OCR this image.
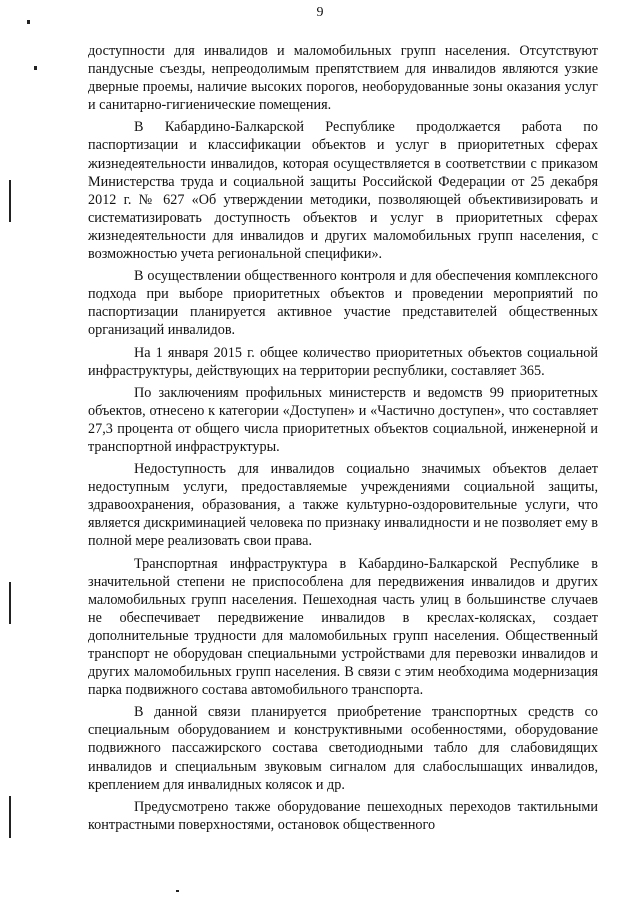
9

доступности для инвалидов и маломобильных групп населения. Отсутствуют пандусные съезды, непреодолимым препятствием для инвалидов являются узкие дверные проемы, наличие высоких порогов, необорудованные зоны оказания услуг и санитарно-гигиенические помещения.

В Кабардино-Балкарской Республике продолжается работа по паспортизации и классификации объектов и услуг в приоритетных сферах жизнедеятельности инвалидов, которая осуществляется в соответствии с приказом Министерства труда и социальной защиты Российской Федерации от 25 декабря 2012 г. № 627 «Об утверждении методики, позволяющей объективизировать и систематизировать доступность объектов и услуг в приоритетных сферах жизнедеятельности для инвалидов и других маломобильных групп населения, с возможностью учета региональной специфики».

В осуществлении общественного контроля и для обеспечения комплексного подхода при выборе приоритетных объектов и проведении мероприятий по паспортизации планируется активное участие представителей общественных организаций инвалидов.

На 1 января 2015 г. общее количество приоритетных объектов социальной инфраструктуры, действующих на территории республики, составляет 365.

По заключениям профильных министерств и ведомств 99 приоритетных объектов, отнесено к категории «Доступен» и «Частично доступен», что составляет 27,3 процента от общего числа приоритетных объектов социальной, инженерной и транспортной инфраструктуры.

Недоступность для инвалидов социально значимых объектов делает недоступным услуги, предоставляемые учреждениями социальной защиты, здравоохранения, образования, а также культурно-оздоровительные услуги, что является дискриминацией человека по признаку инвалидности и не позволяет ему в полной мере реализовать свои права.

Транспортная инфраструктура в Кабардино-Балкарской Республике в значительной степени не приспособлена для передвижения инвалидов и других маломобильных групп населения. Пешеходная часть улиц в большинстве случаев не обеспечивает передвижение инвалидов в креслах-колясках, создает дополнительные трудности для маломобильных групп населения. Общественный транспорт не оборудован специальными устройствами для перевозки инвалидов и других маломобильных групп населения. В связи с этим необходима модернизация парка подвижного состава автомобильного транспорта.

В данной связи планируется приобретение транспортных средств со специальным оборудованием и конструктивными особенностями, оборудование подвижного пассажирского состава светодиодными табло для слабовидящих инвалидов и специальным звуковым сигналом для слабослышащих инвалидов, креплением для инвалидных колясок и др.

Предусмотрено также оборудование пешеходных переходов тактильными контрастными поверхностями, остановок общественного
